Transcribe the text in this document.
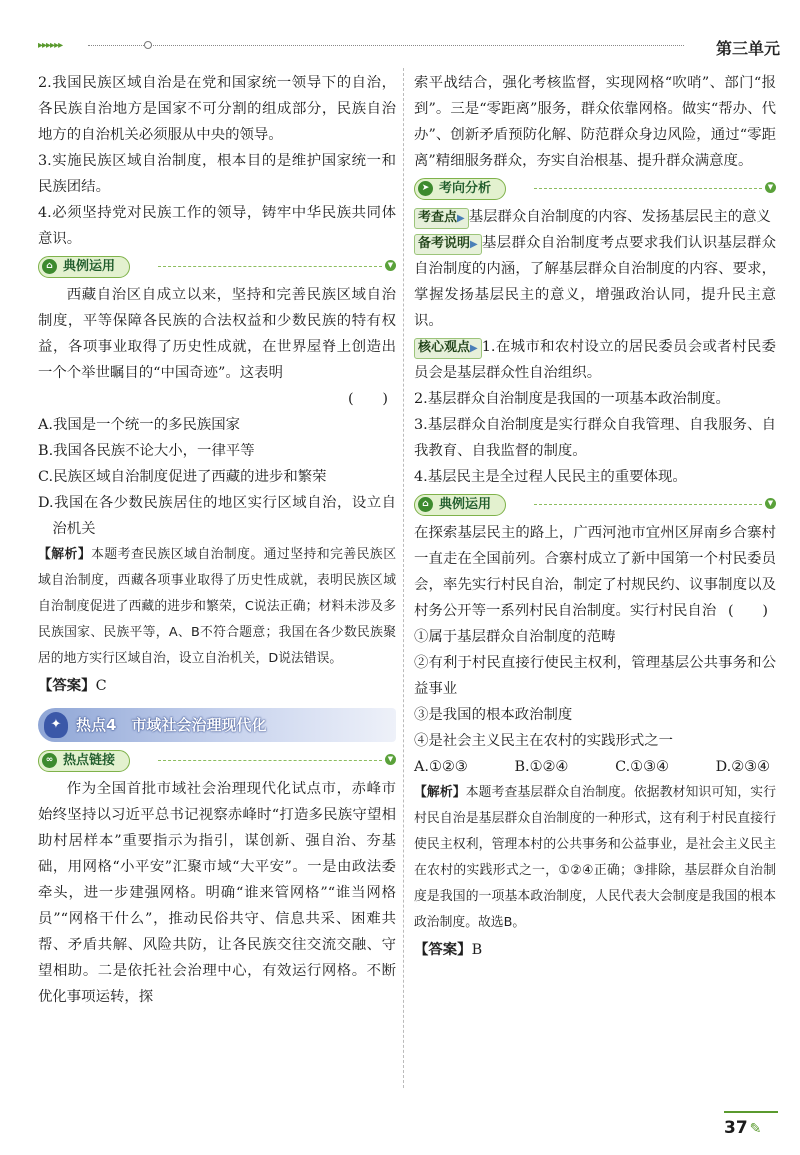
▸▸▸▸▸▸	第三单元

2.我国民族区域自治是在党和国家统一领导下的自治，各民族自治地方是国家不可分割的组成部分，民族自治地方的自治机关必须服从中央的领导。

3.实施民族区域自治制度，根本目的是维护国家统一和民族团结。

4.必须坚持党对民族工作的领导，铸牢中华民族共同体意识。

⌂ 典例运用	▼

西藏自治区自成立以来，坚持和完善民族区域自治制度，平等保障各民族的合法权益和少数民族的特有权益，各项事业取得了历史性成就，在世界屋脊上创造出一个个举世瞩目的“中国奇迹”。这表明

(　　)

A.我国是一个统一的多民族国家

B.我国各民族不论大小，一律平等

C.民族区域自治制度促进了西藏的进步和繁荣

D.我国在各少数民族居住的地区实行区域自治，设立自治机关

【解析】本题考查民族区域自治制度。通过坚持和完善民族区域自治制度，西藏各项事业取得了历史性成就，表明民族区域自治制度促进了西藏的进步和繁荣，C说法正确；材料未涉及多民族国家、民族平等，A、B不符合题意；我国在各少数民族聚居的地方实行区域自治，设立自治机关，D说法错误。

【答案】C

✦ 热点4　市域社会治理现代化
∞ 热点链接	▼

作为全国首批市域社会治理现代化试点市，赤峰市始终坚持以习近平总书记视察赤峰时“打造多民族守望相助村居样本”重要指示为指引，谋创新、强自治、夯基础，用网格“小平安”汇聚市域“大平安”。一是由政法委牵头，进一步建强网格。明确“谁来管网格”“谁当网格员”“网格干什么”，推动民俗共守、信息共采、困难共帮、矛盾共解、风险共防，让各民族交往交流交融、守望相助。二是依托社会治理中心，有效运行网格。不断优化事项运转，探

索平战结合，强化考核监督，实现网格“吹哨”、部门“报到”。三是“零距离”服务，群众依靠网格。做实“帮办、代办”、创新矛盾预防化解、防范群众身边风险，通过“零距离”精细服务群众，夯实自治根基、提升群众满意度。

➤ 考向分析	▼

考查点▶ 基层群众自治制度的内容、发扬基层民主的意义

备考说明▶ 基层群众自治制度考点要求我们认识基层群众自治制度的内涵，了解基层群众自治制度的内容、要求，掌握发扬基层民主的意义，增强政治认同，提升民主意识。

核心观点▶ 1.在城市和农村设立的居民委员会或者村民委员会是基层群众性自治组织。

2.基层群众自治制度是我国的一项基本政治制度。

3.基层群众自治制度是实行群众自我管理、自我服务、自我教育、自我监督的制度。

4.基层民主是全过程人民民主的重要体现。

⌂ 典例运用	▼

在探索基层民主的路上，广西河池市宜州区屏南乡合寨村一直走在全国前列。合寨村成立了新中国第一个村民委员会，率先实行村民自治，制定了村规民约、议事制度以及村务公开等一系列村民自治制度。实行村民自治 (　　)

①属于基层群众自治制度的范畴

②有利于村民直接行使民主权利，管理基层公共事务和公益事业

③是我国的根本政治制度

④是社会主义民主在农村的实践形式之一

A.①②③	B.①②④	C.①③④	D.②③④

【解析】本题考查基层群众自治制度。依据教材知识可知，实行村民自治是基层群众自治制度的一种形式，这有利于村民直接行使民主权利，管理本村的公共事务和公益事业，是社会主义民主在农村的实践形式之一，①②④正确；③排除，基层群众自治制度是我国的一项基本政治制度，人民代表大会制度是我国的根本政治制度。故选B。

【答案】B

37 ✎
